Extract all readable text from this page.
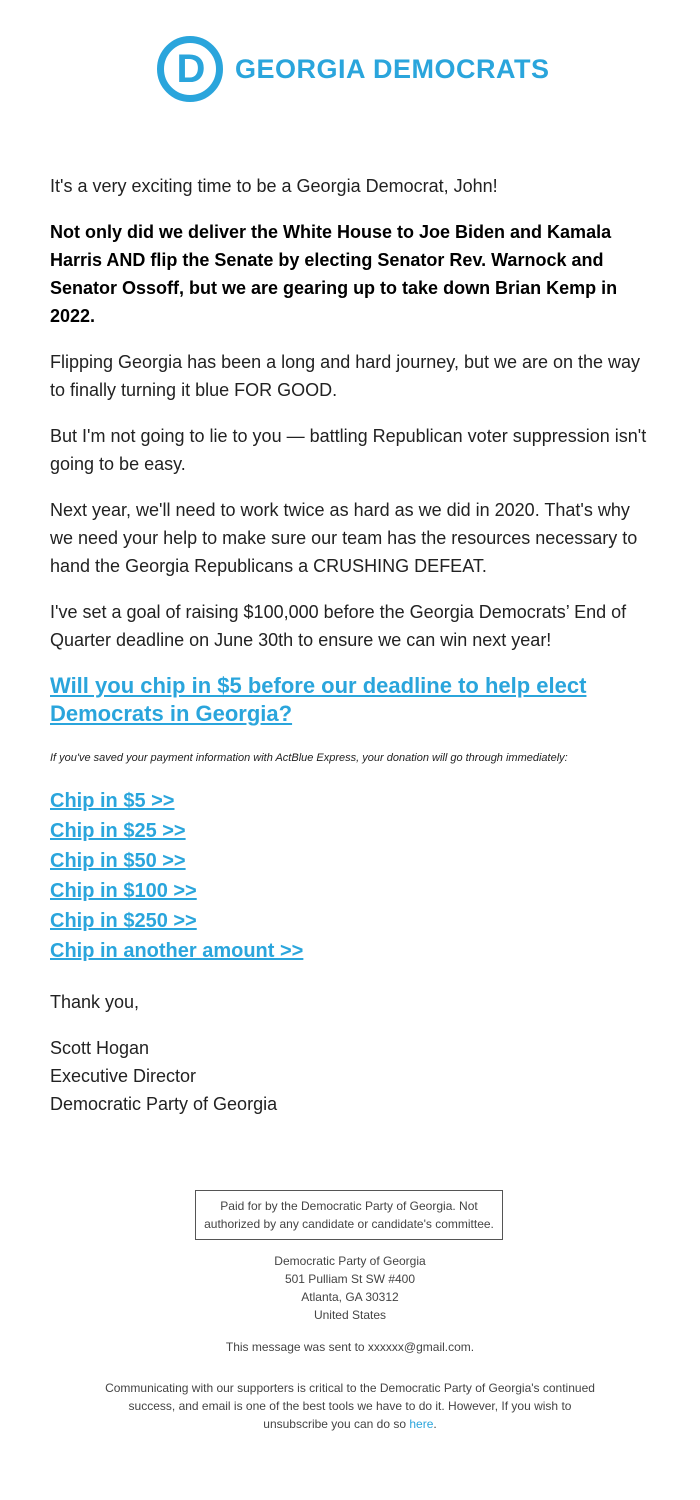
D GEORGIA DEMOCRATS

It's a very exciting time to be a Georgia Democrat, John!

Not only did we deliver the White House to Joe Biden and Kamala Harris AND flip the Senate by electing Senator Rev. Warnock and Senator Ossoff, but we are gearing up to take down Brian Kemp in 2022.

Flipping Georgia has been a long and hard journey, but we are on the way to finally turning it blue FOR GOOD.

But I'm not going to lie to you — battling Republican voter suppression isn't going to be easy.

Next year, we'll need to work twice as hard as we did in 2020. That's why we need your help to make sure our team has the resources necessary to hand the Georgia Republicans a CRUSHING DEFEAT.

I've set a goal of raising $100,000 before the Georgia Democrats’ End of Quarter deadline on June 30th to ensure we can win next year!

Will you chip in $5 before our deadline to help elect Democrats in Georgia?
If you've saved your payment information with ActBlue Express, your donation will go through immediately:
Chip in $5 >>
Chip in $25 >>
Chip in $50 >>
Chip in $100 >>
Chip in $250 >>
Chip in another amount >>

Thank you,

Scott Hogan
Executive Director
Democratic Party of Georgia
Paid for by the Democratic Party of Georgia. Not authorized by any candidate or candidate's committee.
Democratic Party of Georgia
501 Pulliam St SW #400
Atlanta, GA 30312
United States
This message was sent to xxxxxx@gmail.com.
Communicating with our supporters is critical to the Democratic Party of Georgia's continued success, and email is one of the best tools we have to do it. However, If you wish to unsubscribe you can do so here.
